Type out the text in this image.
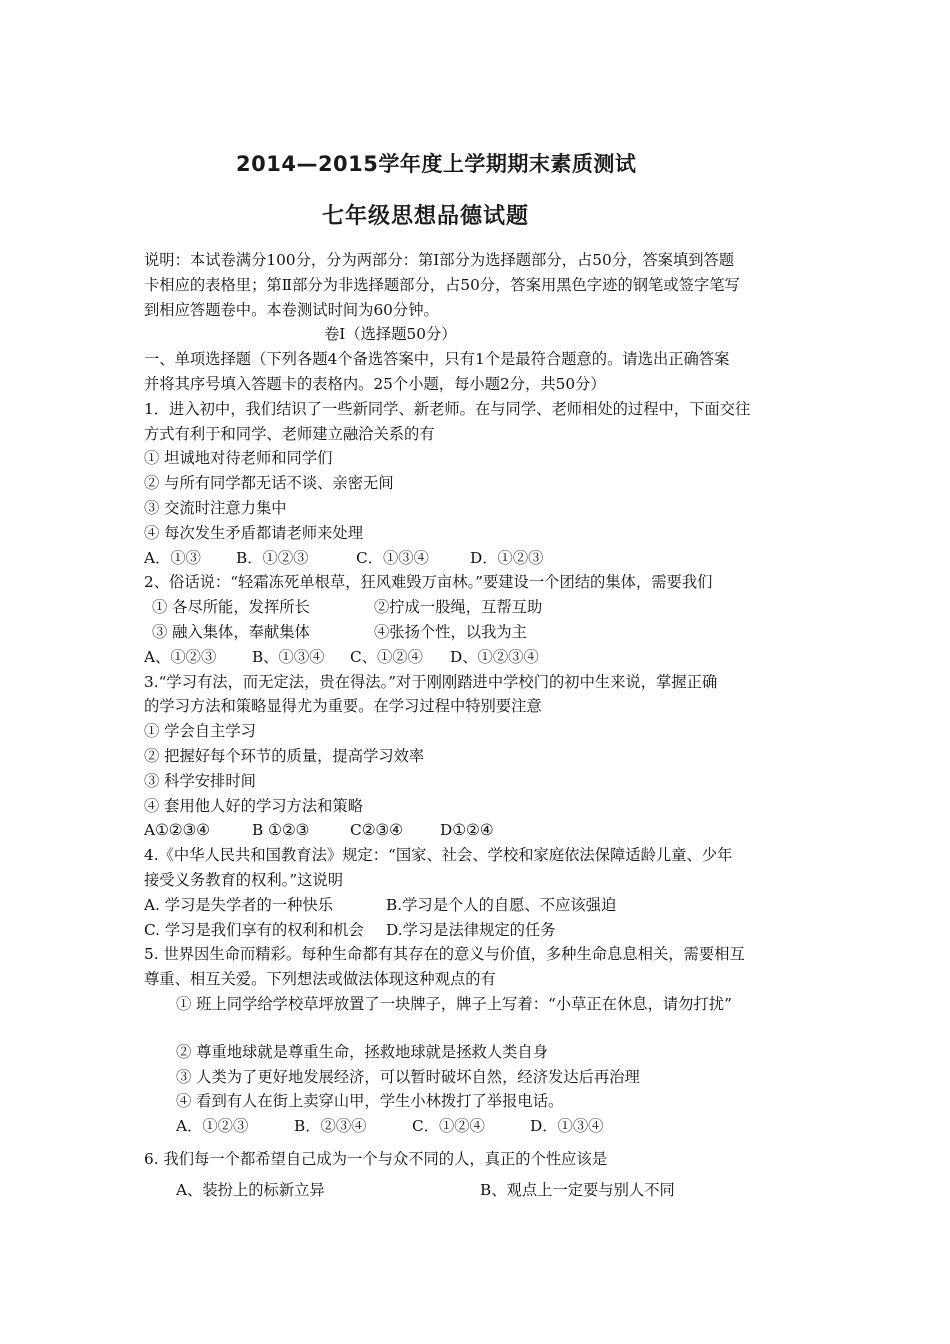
2014—2015学年度上学期期末素质测试
七年级思想品德试题
说明：本试卷满分100分，分为两部分：第Ⅰ部分为选择题部分，占50分，答案填到答题
卡相应的表格里；第Ⅱ部分为非选择题部分，占50分，答案用黑色字迹的钢笔或签字笔写
到相应答题卷中。本卷测试时间为60分钟。
卷Ⅰ（选择题50分）
一、单项选择题（下列各题4个备选答案中，只有1个是最符合题意的。请选出正确答案
并将其序号填入答题卡的表格内。25个小题，每小题2分，共50分）
1．进入初中，我们结识了一些新同学、新老师。在与同学、老师相处的过程中，下面交往
方式有利于和同学、老师建立融洽关系的有
① 坦诚地对待老师和同学们
② 与所有同学都无话不谈、亲密无间
③ 交流时注意力集中
④ 每次发生矛盾都请老师来处理
A．①③ B．①②③	C．①③④	D．①②③
2、俗话说：“轻霜冻死单根草，狂风难毁万亩林。”要建设一个团结的集体，需要我们
① 各尽所能，发挥所长	②拧成一股绳，互帮互助
③ 融入集体，奉献集体	④张扬个性，以我为主
A、①②③ B、①③④ C、①②④ D、①②③④
3.“学习有法，而无定法，贵在得法。”对于刚刚踏进中学校门的初中生来说，掌握正确
的学习方法和策略显得尤为重要。在学习过程中特别要注意
① 学会自主学习
② 把握好每个环节的质量，提高学习效率
③ 科学安排时间
④ 套用他人好的学习方法和策略
A①②③④	B ①②③	C②③④ D①②④
4.《中华人民共和国教育法》规定：“国家、社会、学校和家庭依法保障适龄儿童、少年
接受义务教育的权利。”这说明
A. 学习是失学者的一种快乐	B.学习是个人的自愿、不应该强迫
C. 学习是我们享有的权利和机会 D.学习是法律规定的任务
5. 世界因生命而精彩。每种生命都有其存在的意义与价值，多种生命息息相关，需要相互
尊重、相互关爱。下列想法或做法体现这种观点的有
① 班上同学给学校草坪放置了一块牌子，牌子上写着：“小草正在休息，请勿打扰”
② 尊重地球就是尊重生命，拯救地球就是拯救人类自身
③ 人类为了更好地发展经济，可以暂时破坏自然，经济发达后再治理
④ 看到有人在街上卖穿山甲，学生小林拨打了举报电话。
A．①②③	B．②③④	C．①②④	D．①③④
6. 我们每一个都希望自己成为一个与众不同的人，真正的个性应该是
A、装扮上的标新立异	B、观点上一定要与别人不同
